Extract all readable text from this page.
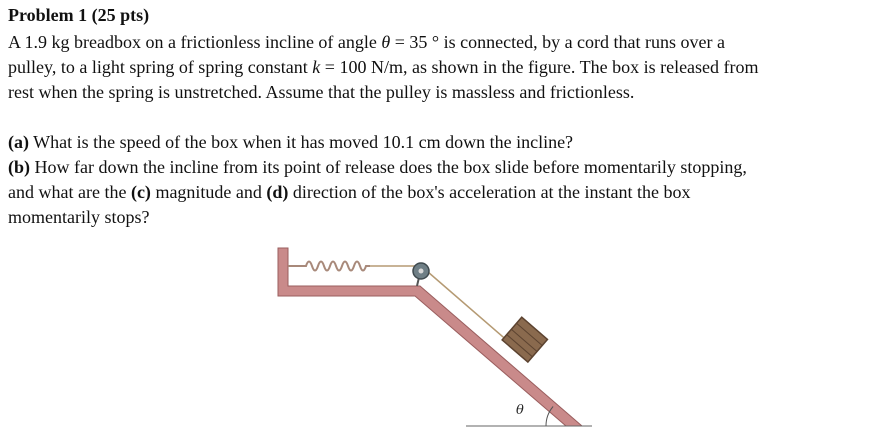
Problem 1 (25 pts)
A 1.9 kg breadbox on a frictionless incline of angle θ = 35 ° is connected, by a cord that runs over a
pulley, to a light spring of spring constant k = 100 N/m, as shown in the figure. The box is released from
rest when the spring is unstretched. Assume that the pulley is massless and frictionless.
(a) What is the speed of the box when it has moved 10.1 cm down the incline?
(b) How far down the incline from its point of release does the box slide before momentarily stopping,
and what are the (c) magnitude and (d) direction of the box's acceleration at the instant the box
momentarily stops?
θ
